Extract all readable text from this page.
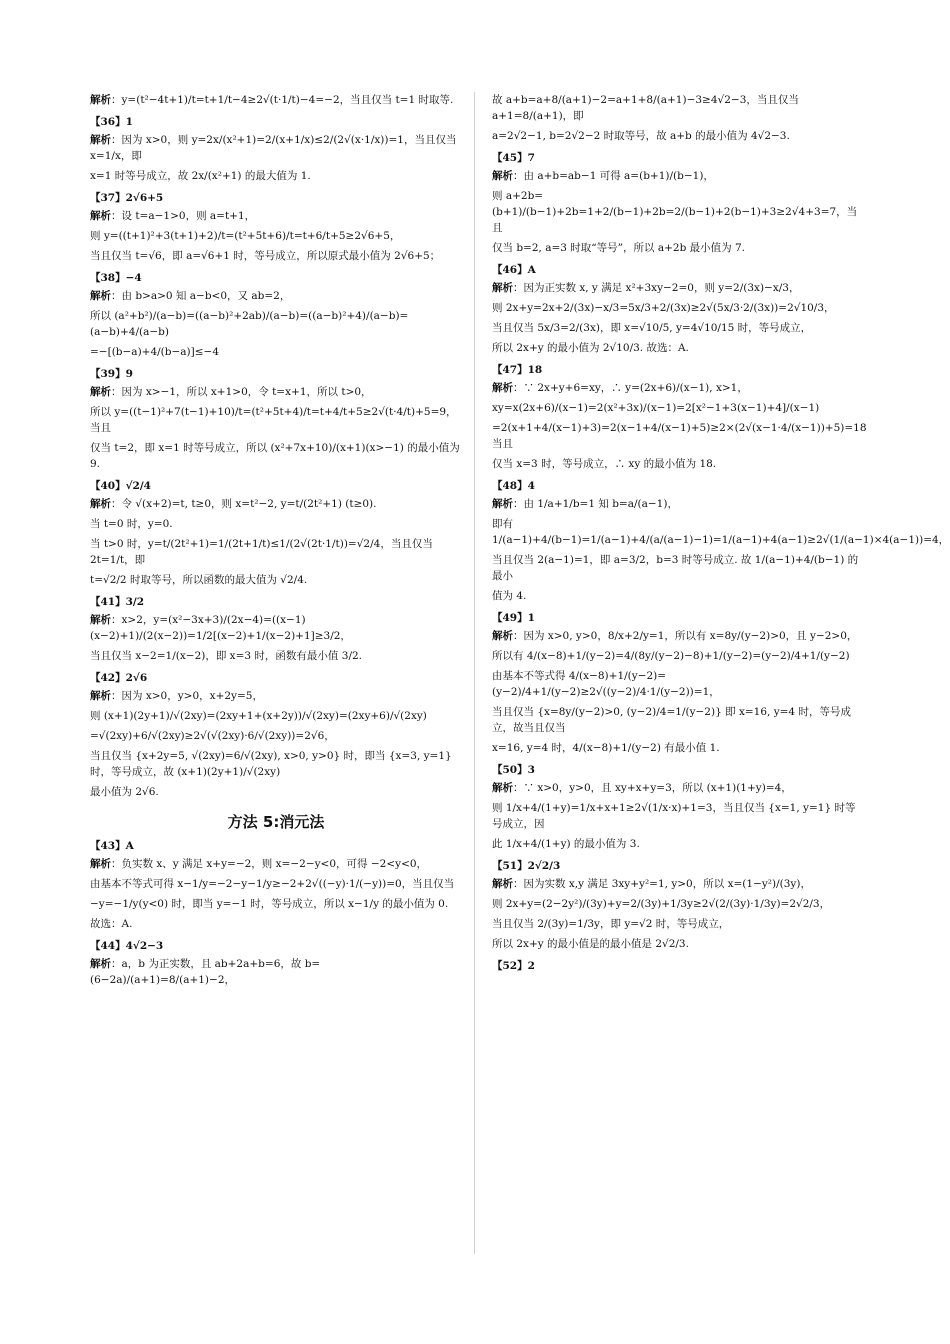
解析：y=(t²−4t+1)/t=t+1/t−4≥2√(t·1/t)−4=−2，当且仅当 t=1 时取等.
【36】1
解析：因为 x>0，则 y=2x/(x²+1)=2/(x+1/x)≤2/(2√(x·1/x))=1，当且仅当 x=1/x，即
x=1 时等号成立，故 2x/(x²+1) 的最大值为 1.
【37】2√6+5
解析：设 t=a−1>0，则 a=t+1，
则 y=((t+1)²+3(t+1)+2)/t=(t²+5t+6)/t=t+6/t+5≥2√6+5，
当且仅当 t=√6，即 a=√6+1 时，等号成立，所以原式最小值为 2√6+5；
【38】−4
解析：由 b>a>0 知 a−b<0，又 ab=2，
所以 (a²+b²)/(a−b)=((a−b)²+2ab)/(a−b)=((a−b)²+4)/(a−b)=(a−b)+4/(a−b)
=−[(b−a)+4/(b−a)]≤−4
【39】9
解析：因为 x>−1，所以 x+1>0，令 t=x+1，所以 t>0，
所以 y=((t−1)²+7(t−1)+10)/t=(t²+5t+4)/t=t+4/t+5≥2√(t·4/t)+5=9，当且
仅当 t=2，即 x=1 时等号成立，所以 (x²+7x+10)/(x+1)(x>−1) 的最小值为 9.
【40】√2/4
解析：令 √(x+2)=t, t≥0，则 x=t²−2, y=t/(2t²+1) (t≥0).
当 t=0 时，y=0.
当 t>0 时，y=t/(2t²+1)=1/(2t+1/t)≤1/(2√(2t·1/t))=√2/4，当且仅当 2t=1/t，即
t=√2/2 时取等号，所以函数的最大值为 √2/4.
【41】3/2
解析：x>2，y=(x²−3x+3)/(2x−4)=((x−1)(x−2)+1)/(2(x−2))=1/2[(x−2)+1/(x−2)+1]≥3/2，
当且仅当 x−2=1/(x−2)，即 x=3 时，函数有最小值 3/2.
【42】2√6
解析：因为 x>0，y>0，x+2y=5，
则 (x+1)(2y+1)/√(2xy)=(2xy+1+(x+2y))/√(2xy)=(2xy+6)/√(2xy)
=√(2xy)+6/√(2xy)≥2√(√(2xy)·6/√(2xy))=2√6，
当且仅当 {x+2y=5, √(2xy)=6/√(2xy), x>0, y>0} 时，即当 {x=3, y=1} 时，等号成立，故 (x+1)(2y+1)/√(2xy)
最小值为 2√6.
方法 5:消元法
【43】A
解析：负实数 x、y 满足 x+y=−2，则 x=−2−y<0，可得 −2<y<0，
由基本不等式可得 x−1/y=−2−y−1/y≥−2+2√((−y)·1/(−y))=0，当且仅当
−y=−1/y(y<0) 时，即当 y=−1 时，等号成立，所以 x−1/y 的最小值为 0.
故选：A.
【44】4√2−3
解析：a，b 为正实数，且 ab+2a+b=6，故 b=(6−2a)/(a+1)=8/(a+1)−2，
故 a+b=a+8/(a+1)−2=a+1+8/(a+1)−3≥4√2−3，当且仅当 a+1=8/(a+1)，即
a=2√2−1, b=2√2−2 时取等号，故 a+b 的最小值为 4√2−3.
【45】7
解析：由 a+b=ab−1 可得 a=(b+1)/(b−1)，
则 a+2b=(b+1)/(b−1)+2b=1+2/(b−1)+2b=2/(b−1)+2(b−1)+3≥2√4+3=7，当且
仅当 b=2, a=3 时取“等号”，所以 a+2b 最小值为 7.
【46】A
解析：因为正实数 x, y 满足 x²+3xy−2=0，则 y=2/(3x)−x/3，
则 2x+y=2x+2/(3x)−x/3=5x/3+2/(3x)≥2√(5x/3·2/(3x))=2√10/3，
当且仅当 5x/3=2/(3x)，即 x=√10/5, y=4√10/15 时，等号成立，
所以 2x+y 的最小值为 2√10/3. 故选：A.
【47】18
解析：∵ 2x+y+6=xy，∴ y=(2x+6)/(x−1), x>1，
xy=x(2x+6)/(x−1)=2(x²+3x)/(x−1)=2[x²−1+3(x−1)+4]/(x−1)
=2(x+1+4/(x−1)+3)=2(x−1+4/(x−1)+5)≥2×(2√(x−1·4/(x−1))+5)=18 当且
仅当 x=3 时，等号成立，∴ xy 的最小值为 18.
【48】4
解析：由 1/a+1/b=1 知 b=a/(a−1)，
即有 1/(a−1)+4/(b−1)=1/(a−1)+4/(a/(a−1)−1)=1/(a−1)+4(a−1)≥2√(1/(a−1)×4(a−1))=4，
当且仅当 2(a−1)=1，即 a=3/2，b=3 时等号成立. 故 1/(a−1)+4/(b−1) 的最小
值为 4.
【49】1
解析：因为 x>0, y>0，8/x+2/y=1，所以有 x=8y/(y−2)>0，且 y−2>0，
所以有 4/(x−8)+1/(y−2)=4/(8y/(y−2)−8)+1/(y−2)=(y−2)/4+1/(y−2)
由基本不等式得 4/(x−8)+1/(y−2)=(y−2)/4+1/(y−2)≥2√((y−2)/4·1/(y−2))=1，
当且仅当 {x=8y/(y−2)>0, (y−2)/4=1/(y−2)} 即 x=16, y=4 时，等号成立，故当且仅当
x=16, y=4 时，4/(x−8)+1/(y−2) 有最小值 1.
【50】3
解析：∵ x>0，y>0，且 xy+x+y=3，所以 (x+1)(1+y)=4，
则 1/x+4/(1+y)=1/x+x+1≥2√(1/x·x)+1=3，当且仅当 {x=1, y=1} 时等号成立，因
此 1/x+4/(1+y) 的最小值为 3.
【51】2√2/3
解析：因为实数 x,y 满足 3xy+y²=1, y>0，所以 x=(1−y²)/(3y)，
则 2x+y=(2−2y²)/(3y)+y=2/(3y)+1/3y≥2√(2/(3y)·1/3y)=2√2/3，
当且仅当 2/(3y)=1/3y，即 y=√2 时，等号成立，
所以 2x+y 的最小值是的最小值是 2√2/3.
【52】2
